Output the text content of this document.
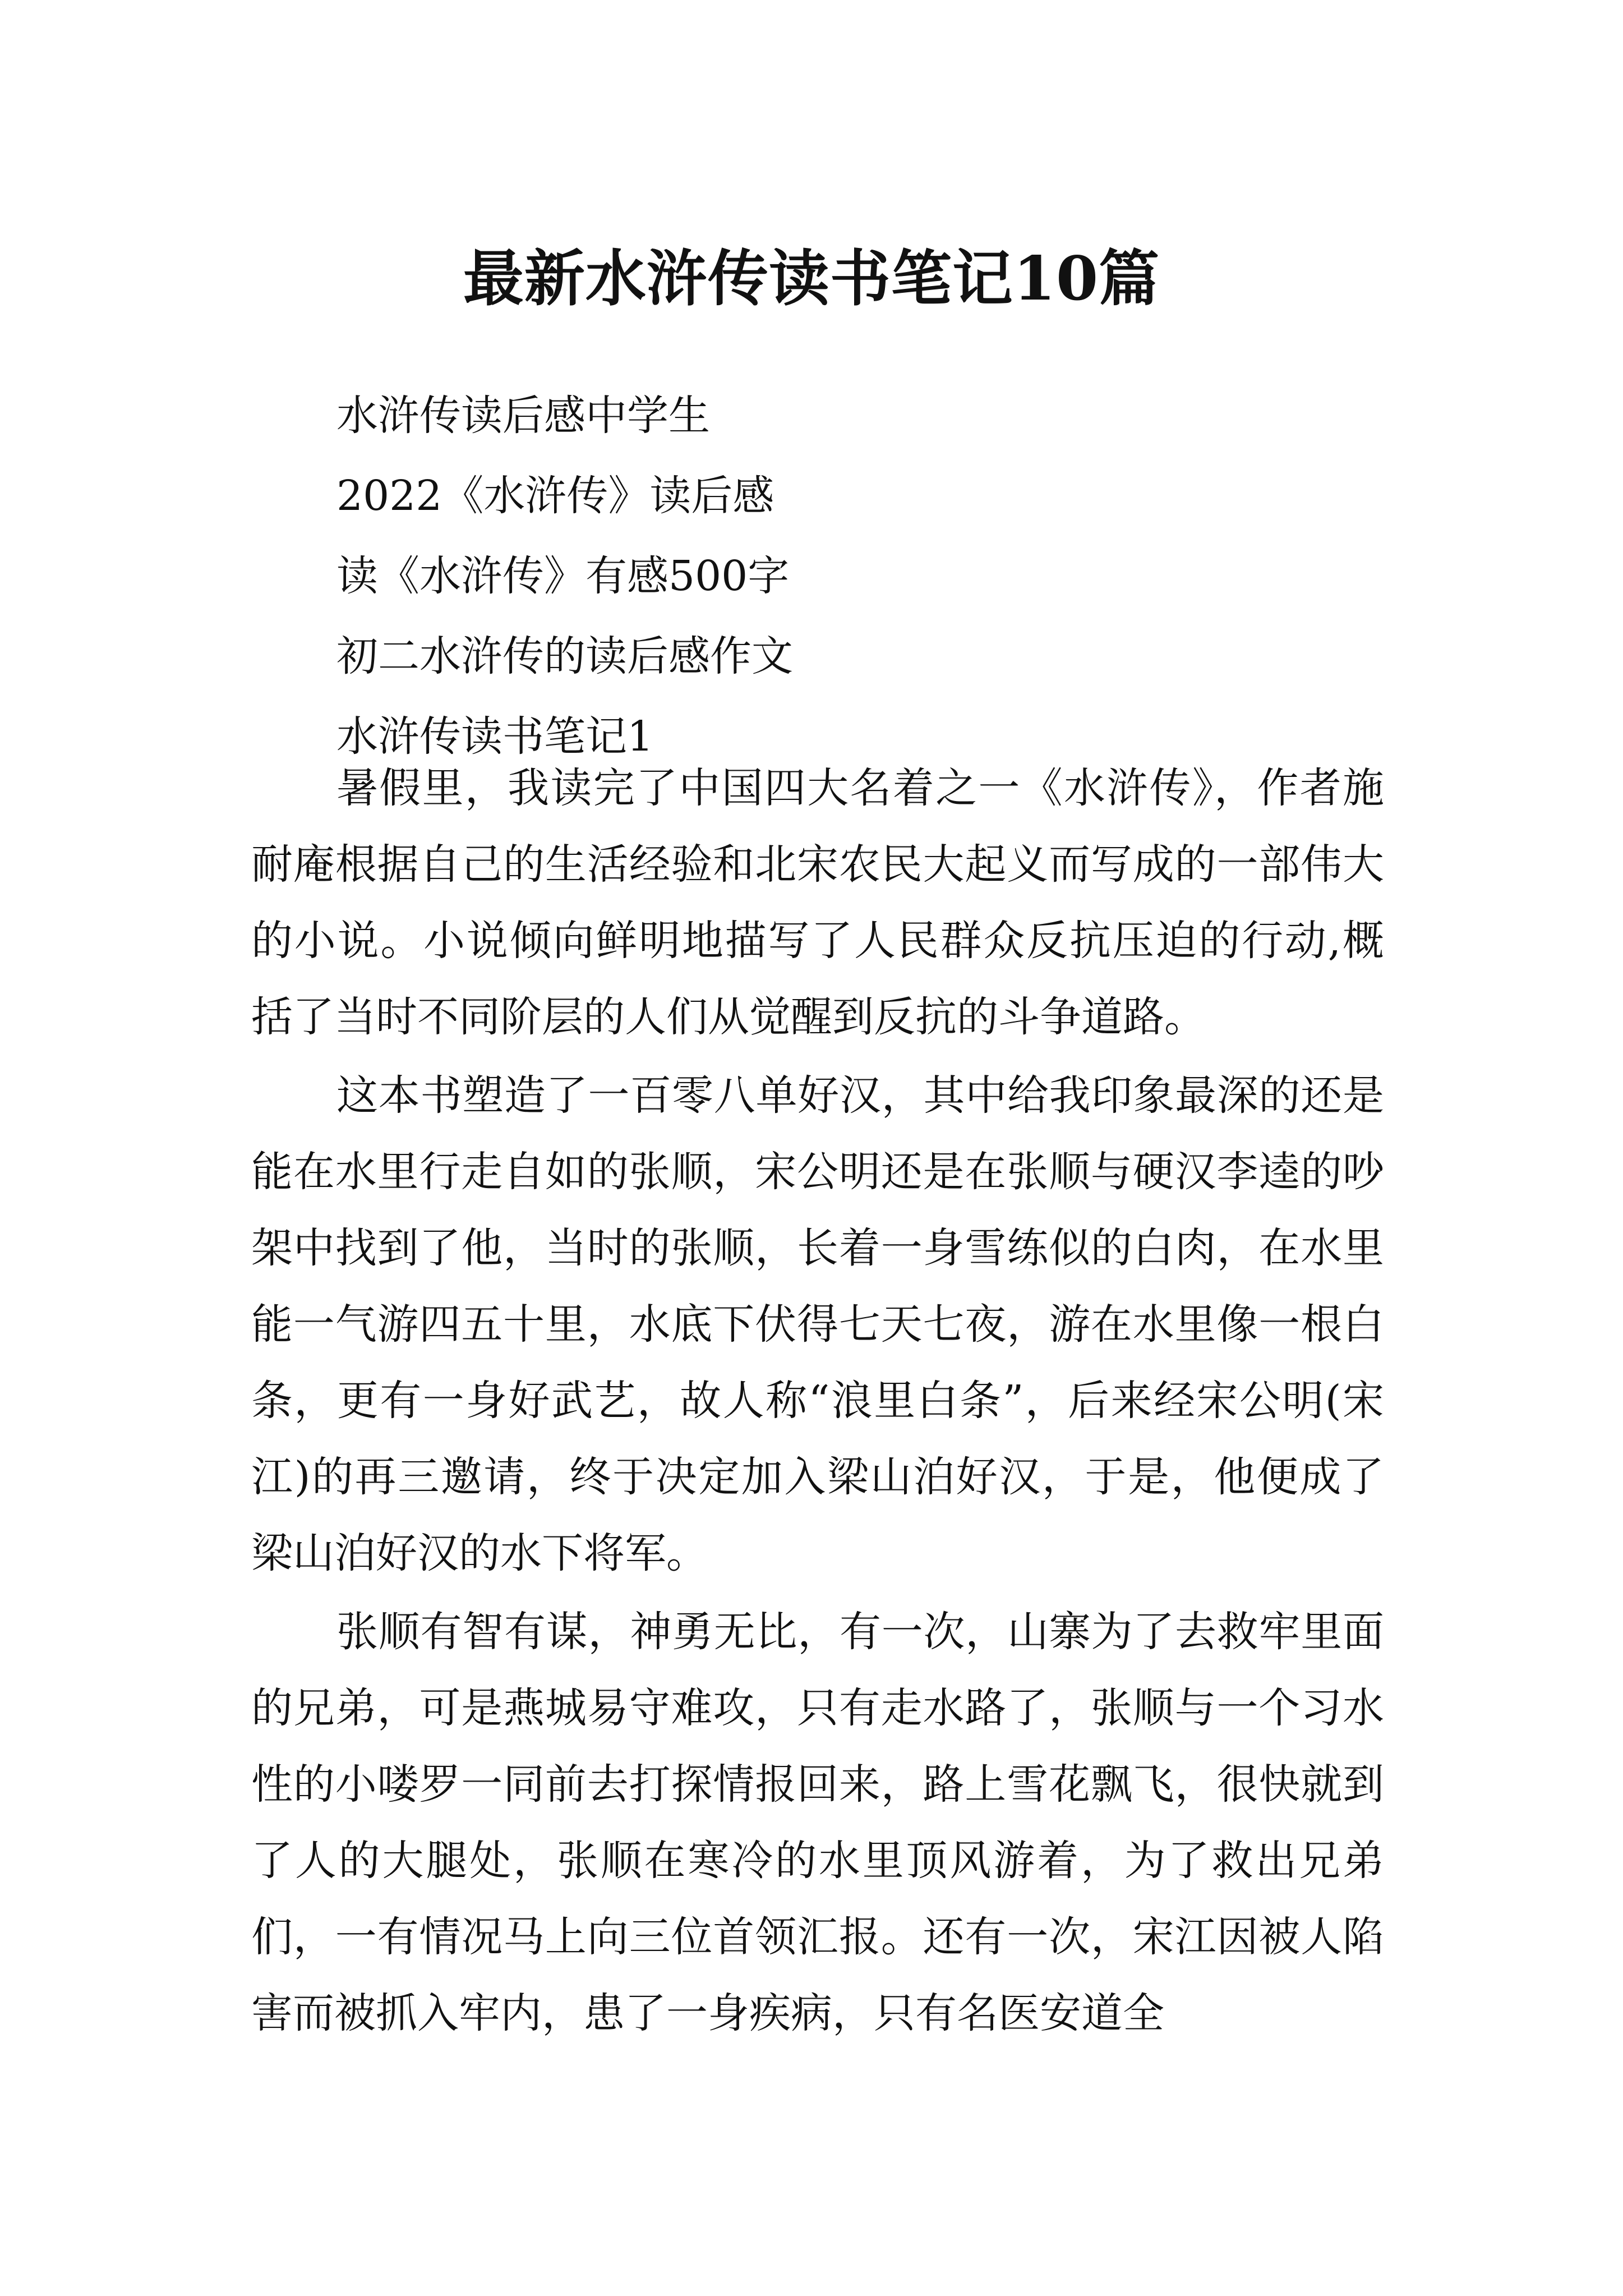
最新水浒传读书笔记10篇
水浒传读后感中学生
2022《水浒传》读后感
读《水浒传》有感500字
初二水浒传的读后感作文
水浒传读书笔记1

暑假里，我读完了中国四大名着之一《水浒传》，作者施耐庵根据自己的生活经验和北宋农民大起义而写成的一部伟大的小说。小说倾向鲜明地描写了人民群众反抗压迫的行动,概括了当时不同阶层的人们从觉醒到反抗的斗争道路。

这本书塑造了一百零八单好汉，其中给我印象最深的还是能在水里行走自如的张顺，宋公明还是在张顺与硬汉李逵的吵架中找到了他，当时的张顺，长着一身雪练似的白肉，在水里能一气游四五十里，水底下伏得七天七夜，游在水里像一根白条，更有一身好武艺，故人称“浪里白条”，后来经宋公明(宋江)的再三邀请，终于决定加入梁山泊好汉，于是，他便成了梁山泊好汉的水下将军。

张顺有智有谋，神勇无比，有一次，山寨为了去救牢里面的兄弟，可是燕城易守难攻，只有走水路了，张顺与一个习水性的小喽罗一同前去打探情报回来，路上雪花飘飞，很快就到了人的大腿处，张顺在寒冷的水里顶风游着，为了救出兄弟们，一有情况马上向三位首领汇报。还有一次，宋江因被人陷害而被抓入牢内，患了一身疾病，只有名医安道全
